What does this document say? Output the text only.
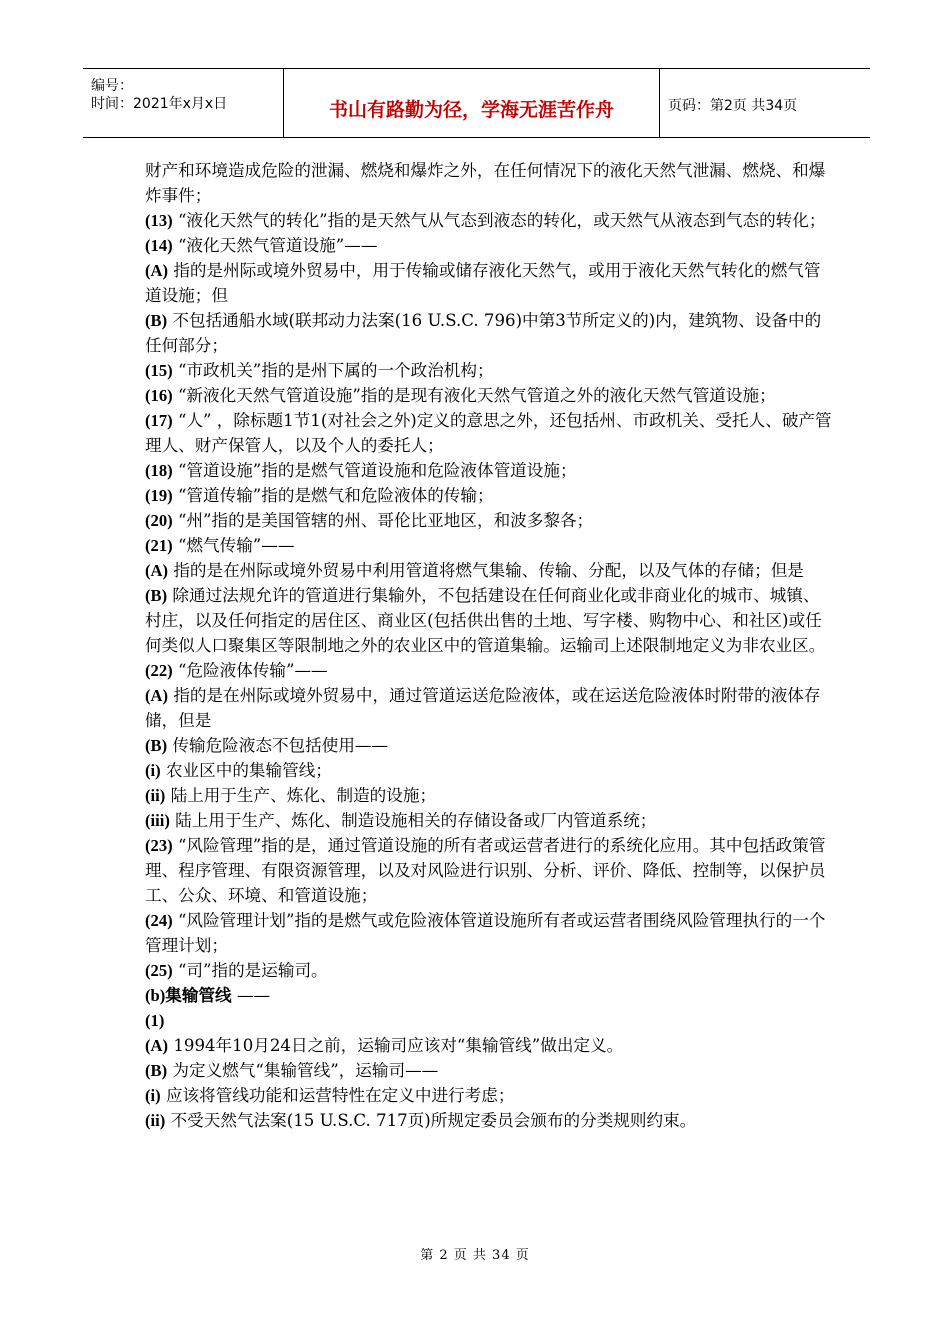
编号：
时间：2021年x月x日	书山有路勤为径，学海无涯苦作舟	页码：第2页 共34页

财产和环境造成危险的泄漏、燃烧和爆炸之外，在任何情况下的液化天然气泄漏、燃烧、和爆炸事件；

(13) “液化天然气的转化”指的是天然气从气态到液态的转化，或天然气从液态到气态的转化；

(14) “液化天然气管道设施”——

(A) 指的是州际或境外贸易中，用于传输或储存液化天然气，或用于液化天然气转化的燃气管道设施；但

(B) 不包括通船水域(联邦动力法案(16 U.S.C. 796)中第3节所定义的)内，建筑物、设备中的任何部分；

(15) “市政机关”指的是州下属的一个政治机构；

(16) “新液化天然气管道设施”指的是现有液化天然气管道之外的液化天然气管道设施；

(17) “人” ，除标题1节1(对社会之外)定义的意思之外，还包括州、市政机关、受托人、破产管理人、财产保管人，以及个人的委托人；

(18) “管道设施”指的是燃气管道设施和危险液体管道设施；

(19) “管道传输”指的是燃气和危险液体的传输；

(20) “州”指的是美国管辖的州、哥伦比亚地区，和波多黎各；

(21) “燃气传输”——

(A) 指的是在州际或境外贸易中利用管道将燃气集输、传输、分配，以及气体的存储；但是

(B) 除通过法规允许的管道进行集输外，不包括建设在任何商业化或非商业化的城市、城镇、村庄，以及任何指定的居住区、商业区(包括供出售的土地、写字楼、购物中心、和社区)或任何类似人口聚集区等限制地之外的农业区中的管道集输。运输司上述限制地定义为非农业区。

(22) “危险液体传输”——

(A) 指的是在州际或境外贸易中，通过管道运送危险液体，或在运送危险液体时附带的液体存储，但是

(B) 传输危险液态不包括使用——

(i) 农业区中的集输管线；

(ii) 陆上用于生产、炼化、制造的设施；

(iii) 陆上用于生产、炼化、制造设施相关的存储设备或厂内管道系统；

(23) “风险管理”指的是，通过管道设施的所有者或运营者进行的系统化应用。其中包括政策管理、程序管理、有限资源管理，以及对风险进行识别、分析、评价、降低、控制等，以保护员工、公众、环境、和管道设施；

(24) “风险管理计划”指的是燃气或危险液体管道设施所有者或运营者围绕风险管理执行的一个管理计划；

(25) “司”指的是运输司。

(b)集输管线 ——

(1)

(A) 1994年10月24日之前，运输司应该对“集输管线”做出定义。

(B) 为定义燃气“集输管线”，运输司——

(i) 应该将管线功能和运营特性在定义中进行考虑；

(ii) 不受天然气法案(15 U.S.C. 717页)所规定委员会颁布的分类规则约束。

第 2 页 共 34 页
